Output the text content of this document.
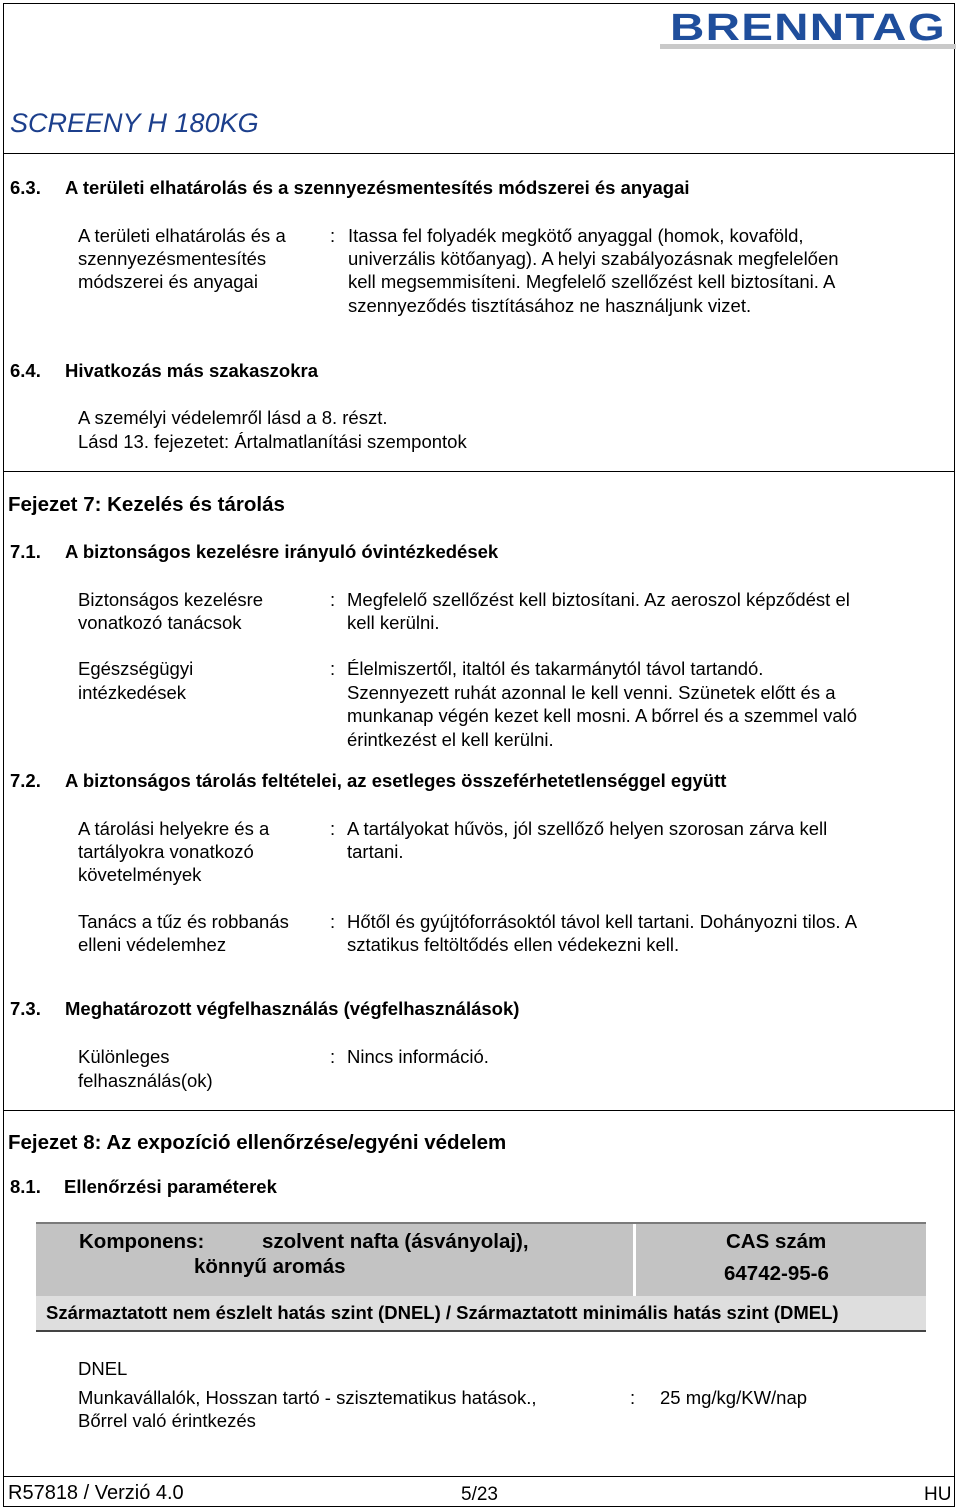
BRENNTAG
SCREENY H 180KG
6.3. A területi elhatárolás és a szennyezésmentesítés módszerei és anyagai
A területi elhatárolás és a
szennyezésmentesítés
módszerei és anyagai
: Itassa fel folyadék megkötő anyaggal (homok, kovaföld,
univerzális kötőanyag). A helyi szabályozásnak megfelelően
kell megsemmisíteni. Megfelelő szellőzést kell biztosítani. A
szennyeződés tisztításához ne használjunk vizet.
6.4. Hivatkozás más szakaszokra
A személyi védelemről lásd a 8. részt.
Lásd 13. fejezetet: Ártalmatlanítási szempontok
Fejezet 7: Kezelés és tárolás
7.1. A biztonságos kezelésre irányuló óvintézkedések
Biztonságos kezelésre
vonatkozó tanácsok
: Megfelelő szellőzést kell biztosítani. Az aeroszol képződést el
kell kerülni.
Egészségügyi
intézkedések
: Élelmiszertől, italtól és takarmánytól távol tartandó.
Szennyezett ruhát azonnal le kell venni. Szünetek előtt és a
munkanap végén kezet kell mosni. A bőrrel és a szemmel való
érintkezést el kell kerülni.
7.2. A biztonságos tárolás feltételei, az esetleges összeférhetetlenséggel együtt
A tárolási helyekre és a
tartályokra vonatkozó
követelmények
: A tartályokat hűvös, jól szellőző helyen szorosan zárva kell
tartani.
Tanács a tűz és robbanás
elleni védelemhez
: Hőtől és gyújtóforrásoktól távol kell tartani. Dohányozni tilos. A
sztatikus feltöltődés ellen védekezni kell.
7.3. Meghatározott végfelhasználás (végfelhasználások)
Különleges
felhasználás(ok)
: Nincs információ.
Fejezet 8: Az expozíció ellenőrzése/egyéni védelem
8.1. Ellenőrzési paraméterek
Komponens:	szolvent nafta (ásványolaj),
könnyű aromás
CAS szám
64742-95-6
Származtatott nem észlelt hatás szint (DNEL) / Származtatott minimális hatás szint (DMEL)
DNEL
Munkavállalók, Hosszan tartó - szisztematikus hatások.,
Bőrrel való érintkezés
: 25 mg/kg/KW/nap
R57818 / Verzió 4.0	5/23	HU
